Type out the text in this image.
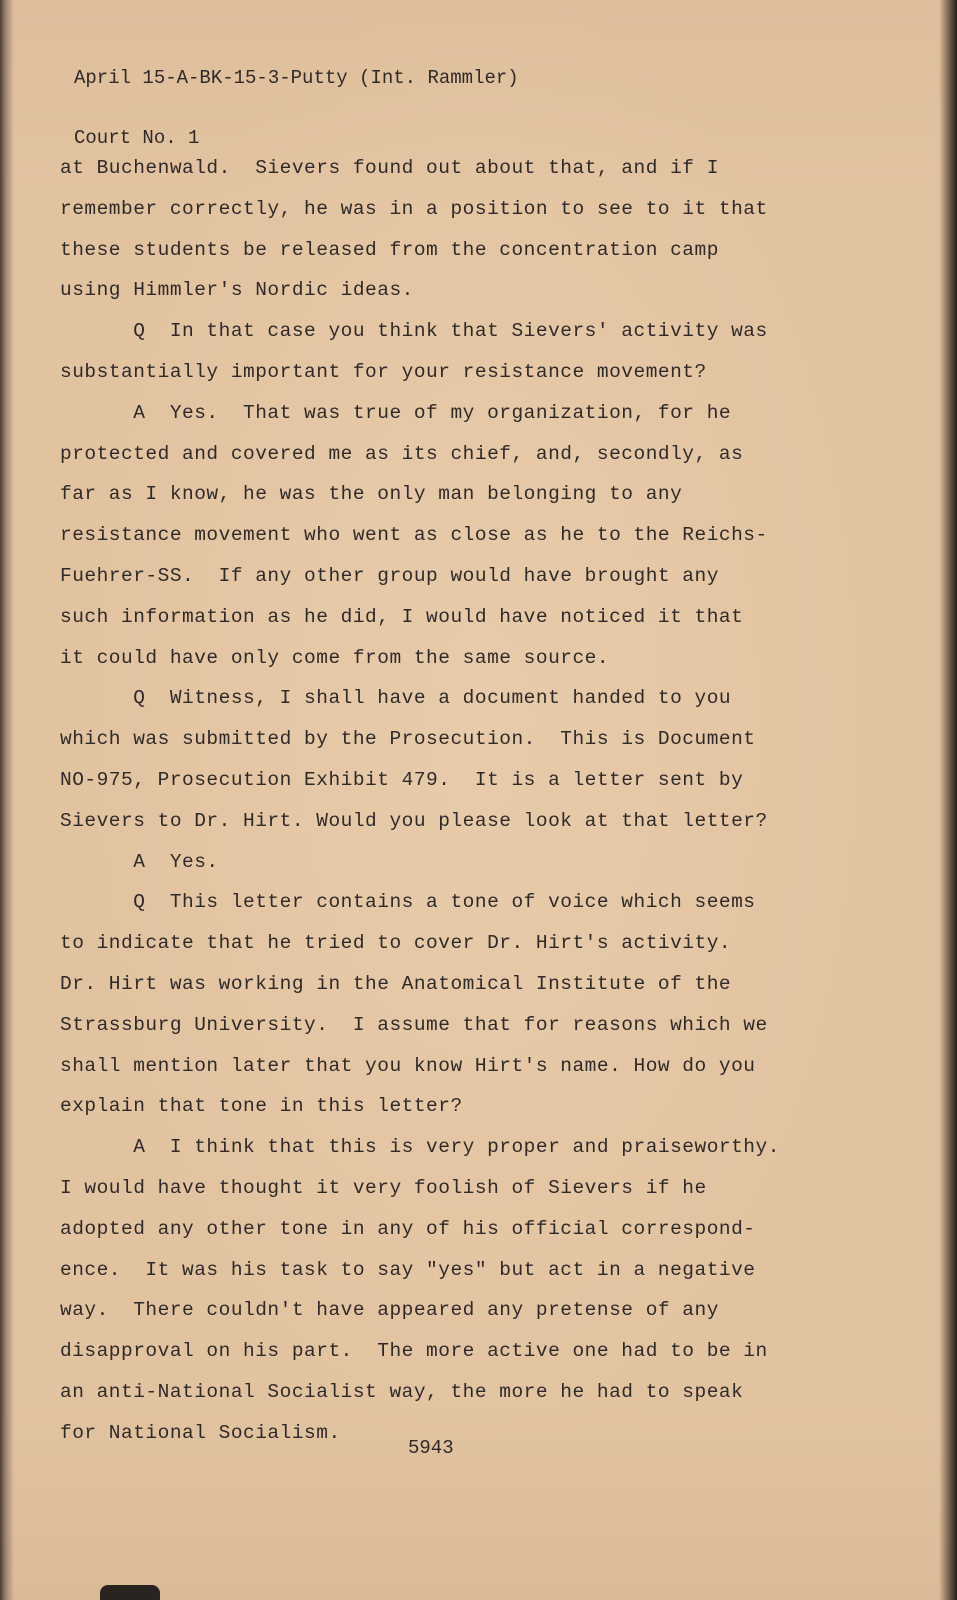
April 15-A-BK-15-3-Putty (Int. Rammler)

Court No. 1

at Buchenwald.  Sievers found out about that, and if I
remember correctly, he was in a position to see to it that
these students be released from the concentration camp
using Himmler's Nordic ideas.
Q  In that case you think that Sievers' activity was
substantially important for your resistance movement?
A  Yes.  That was true of my organization, for he
protected and covered me as its chief, and, secondly, as
far as I know, he was the only man belonging to any
resistance movement who went as close as he to the Reichs-
Fuehrer-SS.  If any other group would have brought any
such information as he did, I would have noticed it that
it could have only come from the same source.
Q  Witness, I shall have a document handed to you
which was submitted by the Prosecution.  This is Document
NO-975, Prosecution Exhibit 479.  It is a letter sent by
Sievers to Dr. Hirt. Would you please look at that letter?
A  Yes.
Q  This letter contains a tone of voice which seems
to indicate that he tried to cover Dr. Hirt's activity.
Dr. Hirt was working in the Anatomical Institute of the
Strassburg University.  I assume that for reasons which we
shall mention later that you know Hirt's name. How do you
explain that tone in this letter?
A  I think that this is very proper and praiseworthy.
I would have thought it very foolish of Sievers if he
adopted any other tone in any of his official correspond-
ence.  It was his task to say "yes" but act in a negative
way.  There couldn't have appeared any pretense of any
disapproval on his part.  The more active one had to be in
an anti-National Socialist way, the more he had to speak
for National Socialism.
5943
